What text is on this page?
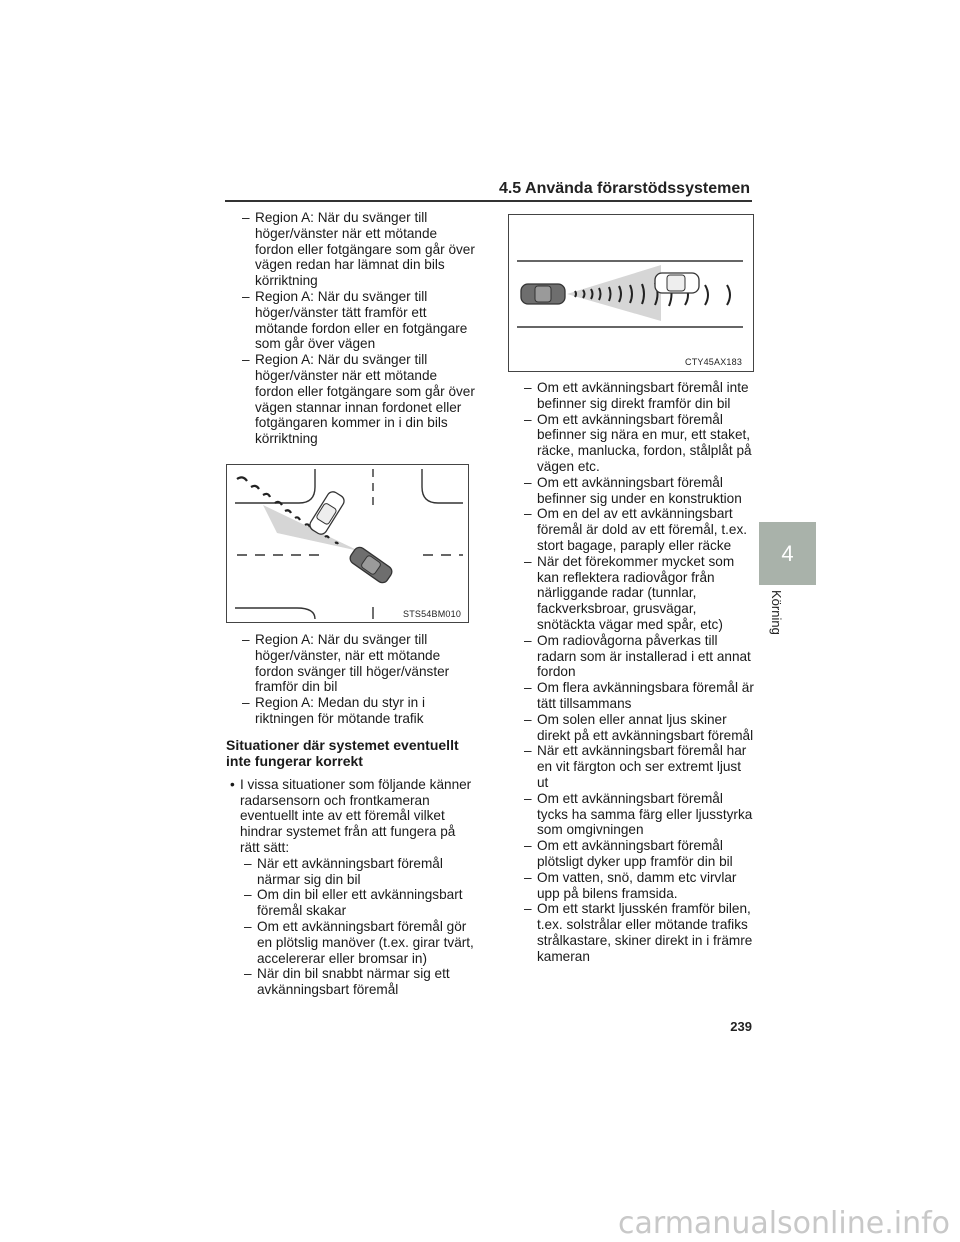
4.5 Använda förarstödssystemen

– Region A: När du svänger till höger/vänster när ett mötande fordon eller fotgängare som går över vägen redan har lämnat din bils körriktning

– Region A: När du svänger till höger/vänster tätt framför ett mötande fordon eller en fotgängare som går över vägen

– Region A: När du svänger till höger/vänster när ett mötande fordon eller fotgängare som går över vägen stannar innan fordonet eller fotgängaren kommer in i din bils körriktning

STS54BM010

– Region A: När du svänger till höger/vänster, när ett mötande fordon svänger till höger/vänster framför din bil

– Region A: Medan du styr in i riktningen för mötande trafik

Situationer där systemet eventuellt inte fungerar korrekt

• I vissa situationer som följande känner radarsensorn och frontkameran eventuellt inte av ett föremål vilket hindrar systemet från att fungera på rätt sätt:

– När ett avkänningsbart föremål närmar sig din bil

– Om din bil eller ett avkänningsbart föremål skakar

– Om ett avkänningsbart föremål gör en plötslig manöver (t.ex. girar tvärt, accelererar eller bromsar in)

– När din bil snabbt närmar sig ett avkänningsbart föremål

CTY45AX183

– Om ett avkänningsbart föremål inte befinner sig direkt framför din bil

– Om ett avkänningsbart föremål befinner sig nära en mur, ett staket, räcke, manlucka, fordon, stålplåt på vägen etc.

– Om ett avkänningsbart föremål befinner sig under en konstruktion

– Om en del av ett avkänningsbart föremål är dold av ett föremål, t.ex. stort bagage, paraply eller räcke

– När det förekommer mycket som kan reflektera radiovågor från närliggande radar (tunnlar, fackverksbroar, grusvägar, snötäckta vägar med spår, etc)

– Om radiovågorna påverkas till radarn som är installerad i ett annat fordon

– Om flera avkänningsbara föremål är tätt tillsammans

– Om solen eller annat ljus skiner direkt på ett avkänningsbart föremål

– När ett avkänningsbart föremål har en vit färgton och ser extremt ljust ut

– Om ett avkänningsbart föremål tycks ha samma färg eller ljusstyrka som omgivningen

– Om ett avkänningsbart föremål plötsligt dyker upp framför din bil

– Om vatten, snö, damm etc virvlar upp på bilens framsida.

– Om ett starkt ljusskén framför bilen, t.ex. solstrålar eller mötande trafiks strålkastare, skiner direkt in i främre kameran

4
Körning
239
carmanualsonline.info
